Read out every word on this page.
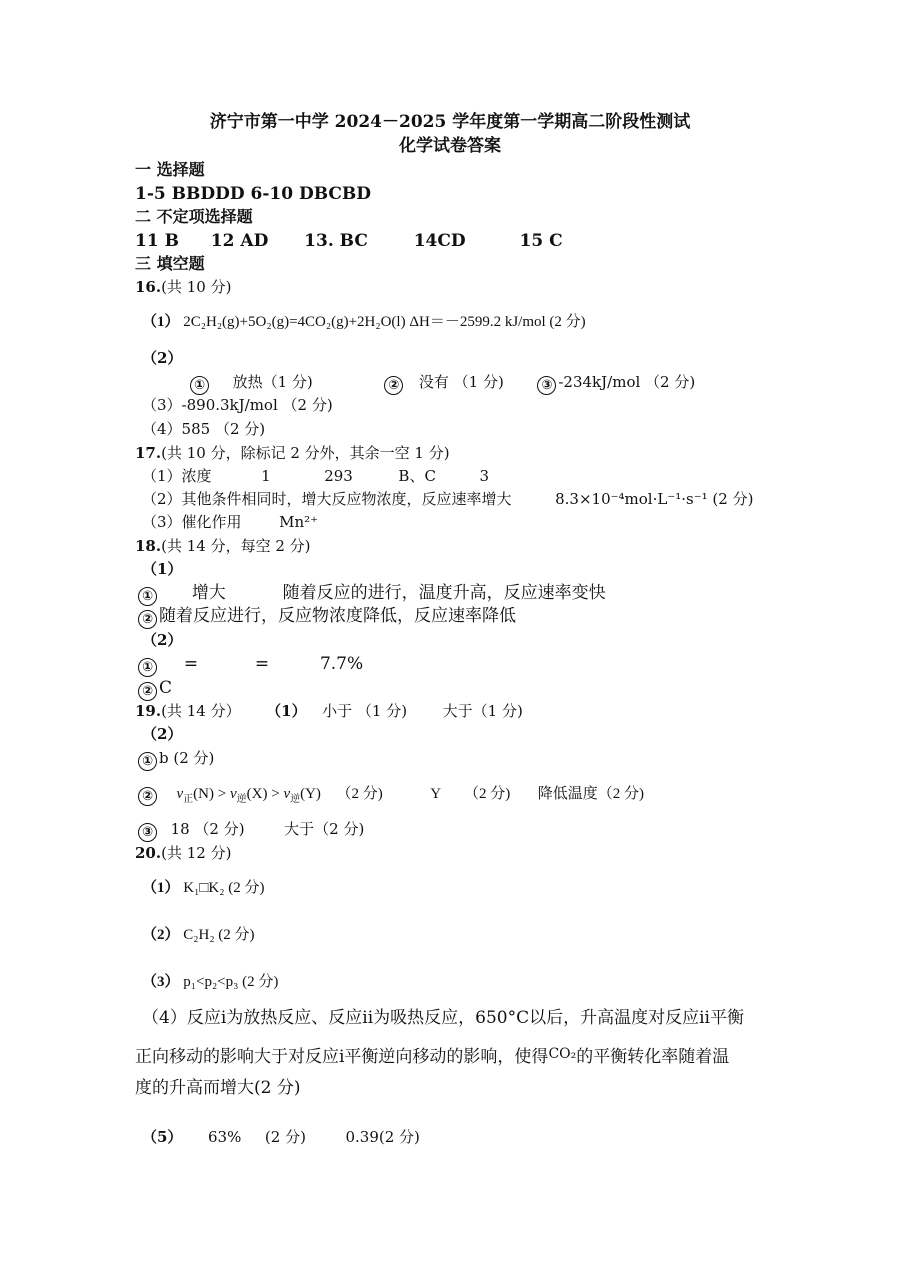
济宁市第一中学 2024－2025 学年度第一学期高二阶段性测试
化学试卷答案
一 选择题
1-5 BBDDD 6-10 DBCBD
二 不定项选择题
11 B 12 AD 13. BC	14CD	15 C
三 填空题
16.(共 10 分)
（1） 2C₂H₂(g)+5O₂(g)=4CO₂(g)+2H₂O(l) ΔH＝－2599.2 kJ/mol (2 分)
（2）
① 放热（1 分)	② 没有 （1 分)	③ -234kJ/mol （2 分)
（3）-890.3kJ/mol （2 分)
（4）585 （2 分)
17.(共 10 分，除标记 2 分外，其余一空 1 分)
（1）浓度	1	293	B、C	3
（2）其他条件相同时，增大反应物浓度，反应速率增大	8.3×10⁻⁴mol·L⁻¹·s⁻¹ (2 分)
（3）催化作用	Mn²⁺
18.(共 14 分，每空 2 分)
（1）
① 增大	随着反应的进行，温度升高，反应速率变快
② 随着反应进行，反应物浓度降低，反应速率降低
（2）
① =	=	7.7%
② C
19.(共 14 分） （1） 小于 （1 分) 大于（1 分)
（2）
① b (2 分)
② $v_正(N) > v_逆(X) > v_逆(Y)$ （2 分)	Y （2 分) 降低温度（2 分)
③ 18 （2 分)	大于（2 分)
20.(共 12 分)
（1） K₁□K₂ (2 分)
（2） C₂H₂ (2 分)
（3） p₁<p₂<p₃ (2 分)
（4）反应i为放热反应、反应ii为吸热反应，650°C以后，升高温度对反应ii平衡
正向移动的影响大于对反应i平衡逆向移动的影响，使得$^{CO_2}$的平衡转化率随着温
度的升高而增大(2 分)
（5） 63% (2 分)	0.39(2 分)
